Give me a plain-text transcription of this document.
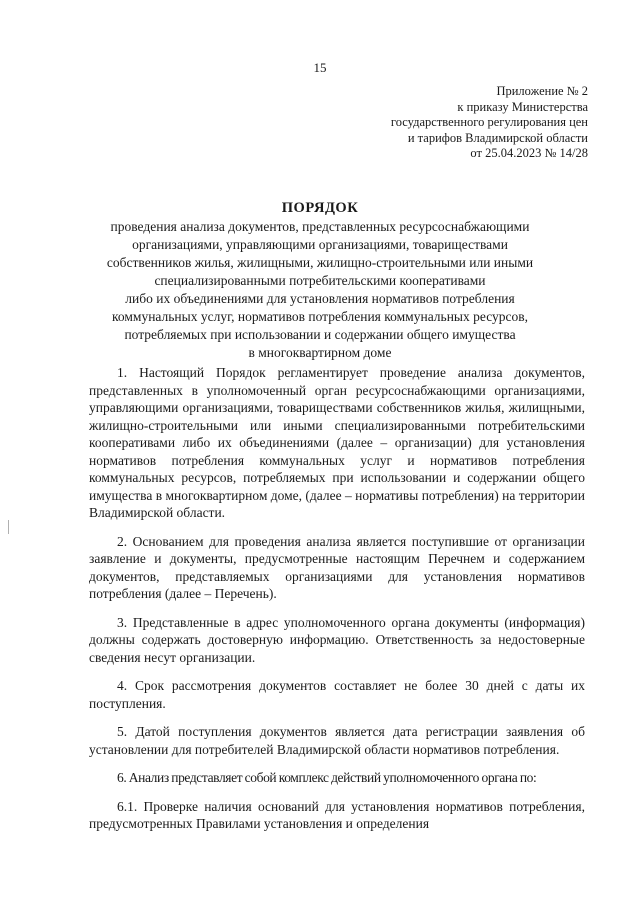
15
Приложение № 2
к приказу Министерства
государственного регулирования цен
и тарифов Владимирской области
от 25.04.2023 № 14/28
ПОРЯДОК
проведения анализа документов, представленных ресурсоснабжающими
организациями, управляющими организациями, товариществами
собственников жилья, жилищными, жилищно-строительными или иными
специализированными потребительскими кооперативами
либо их объединениями для установления нормативов потребления
коммунальных услуг, нормативов потребления коммунальных ресурсов,
потребляемых при использовании и содержании общего имущества
в многоквартирном доме

1. Настоящий Порядок регламентирует проведение анализа документов, представленных в уполномоченный орган ресурсоснабжающими организациями, управляющими организациями, товариществами собственников жилья, жилищными, жилищно-строительными или иными специализированными потребительскими кооперативами либо их объединениями (далее – организации) для установления нормативов потребления коммунальных услуг и нормативов потребления коммунальных ресурсов, потребляемых при использовании и содержании общего имущества в многоквартирном доме, (далее – нормативы потребления) на территории Владимирской области.

2. Основанием для проведения анализа является поступившие от организации заявление и документы, предусмотренные настоящим Перечнем и содержанием документов, представляемых организациями для установления нормативов потребления (далее – Перечень).

3. Представленные в адрес уполномоченного органа документы (информация) должны содержать достоверную информацию. Ответственность за недостоверные сведения несут организации.

4. Срок рассмотрения документов составляет не более 30 дней с даты их поступления.

5. Датой поступления документов является дата регистрации заявления об установлении для потребителей Владимирской области нормативов потребления.

6. Анализ представляет собой комплекс действий уполномоченного органа по:

6.1. Проверке наличия оснований для установления нормативов потребления, предусмотренных Правилами установления и определения
